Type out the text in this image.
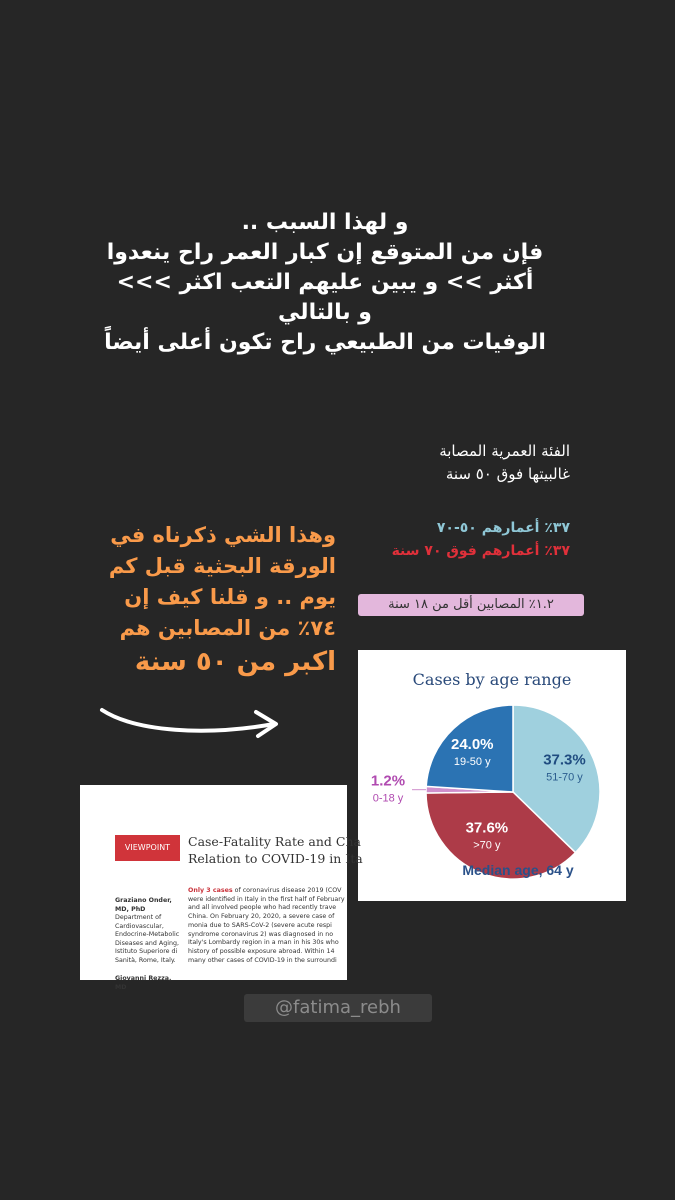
و لهذا السبب ..
فإن من المتوقع إن كبار العمر راح ينعدوا
أكثر >> و يبين عليهم التعب اكثر >>>
و بالتالي
الوفيات من الطبيعي راح تكون أعلى أيضاً
الفئة العمرية المصابة
غالبيتها فوق ٥٠ سنة
٣٧٪ أعمارهم ٥٠-٧٠
٣٧٪ أعمارهم فوق ٧٠ سنة
١.٢٪ المصابين أقل من ١٨ سنة
وهذا الشي ذكرناه في
الورقة البحثية قبل كم
يوم .. و قلنا كيف إن
٧٤٪ من المصابين هم
اكبر من ٥٠ سنة
Cases by age range
24.0%
19-50 y	37.3%
51-70 y
37.6%
>70 y
1.2%
0-18 y
Median age, 64 y
VIEWPOINT	Case-Fatality Rate and Cha
Relation to COVID-19 in Ita
Graziano Onder, MD, PhD
Department of
Cardiovascular,
Endocrine-Metabolic
Diseases and Aging,
Istituto Superiore di
Sanità, Rome, Italy.
Giovanni Rezza, MD
Only 3 cases of coronavirus disease 2019 (COV
were identified in Italy in the first half of February
and all involved people who had recently trave
China. On February 20, 2020, a severe case of
monia due to SARS-CoV-2 (severe acute respi
syndrome coronavirus 2) was diagnosed in no
Italy's Lombardy region in a man in his 30s who
history of possible exposure abroad. Within 14
many other cases of COVID-19 in the surroundi
@fatima_rebh
